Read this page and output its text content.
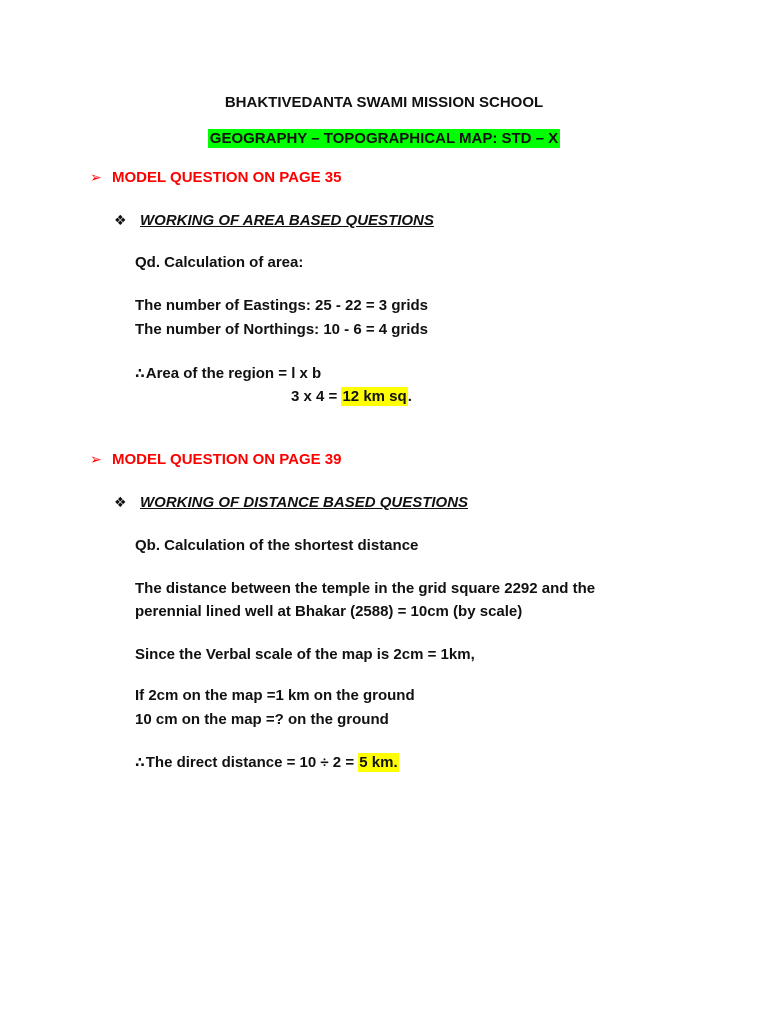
BHAKTIVEDANTA SWAMI MISSION SCHOOL
GEOGRAPHY – TOPOGRAPHICAL MAP: STD – X
➢ MODEL QUESTION ON PAGE 35
❖ WORKING OF AREA BASED QUESTIONS
Qd. Calculation of area:
The number of Eastings: 25 - 22 = 3 grids
The number of Northings: 10 - 6 = 4 grids
∴Area of the region = l x b
3 x 4 = 12 km sq.
➢ MODEL QUESTION ON PAGE 39
❖ WORKING OF DISTANCE BASED QUESTIONS
Qb. Calculation of the shortest distance
The distance between the temple in the grid square 2292 and the
perennial lined well at Bhakar (2588) = 10cm (by scale)
Since the Verbal scale of the map is 2cm = 1km,
If 2cm on the map =1 km on the ground
10 cm on the map =? on the ground
∴The direct distance = 10 ÷ 2 = 5 km.
